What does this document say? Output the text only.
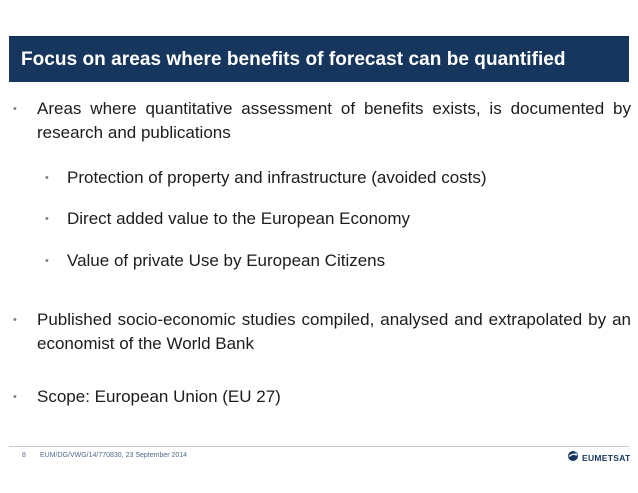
Focus on areas where benefits of forecast can be quantified
• Areas where quantitative assessment of benefits exists, is documented by research and publications
• Protection of property and infrastructure (avoided costs)
• Direct added value to the European Economy
• Value of private Use by European Citizens
• Published socio-economic studies compiled, analysed and extrapolated by an economist of the World Bank
• Scope: European Union (EU 27)
8 EUM/DG/VWG/14/770830, 23 September 2014	EUMETSAT
